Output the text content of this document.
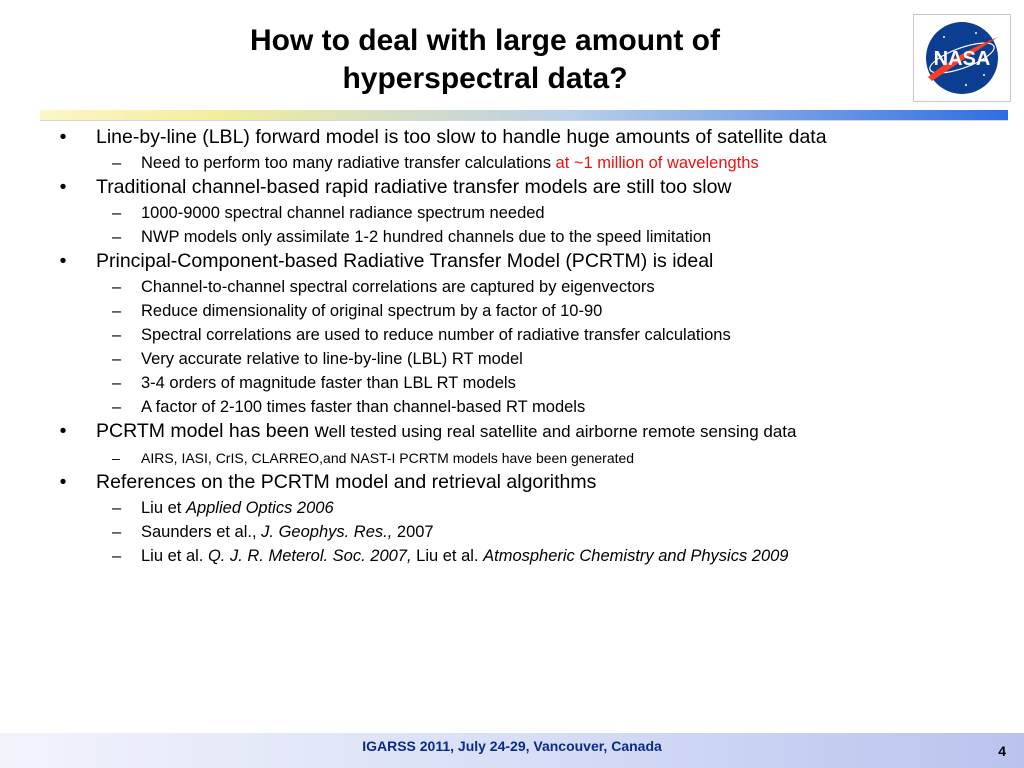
How to deal with large amount of
hyperspectral data?
NASA
• Line-by-line (LBL) forward model is too slow to handle huge amounts of satellite data
– Need to perform too many radiative transfer calculations at ~1 million of wavelengths
• Traditional channel-based rapid radiative transfer models are still too slow
– 1000-9000 spectral channel radiance spectrum needed
– NWP models only assimilate 1-2 hundred channels due to the speed limitation
• Principal-Component-based Radiative Transfer Model (PCRTM) is ideal
– Channel-to-channel spectral correlations are captured by eigenvectors
– Reduce dimensionality of original spectrum by a factor of 10-90
– Spectral correlations are used to reduce number of radiative transfer calculations
– Very accurate relative to line-by-line (LBL) RT model
– 3-4 orders of magnitude faster than LBL RT models
– A factor of 2-100 times faster than channel-based RT models
• PCRTM model has been well tested using real satellite and airborne remote sensing data
– AIRS, IASI, CrIS, CLARREO,and NAST-I PCRTM models have been generated
• References on the PCRTM model and retrieval algorithms
– Liu et Applied Optics 2006
– Saunders et al., J. Geophys. Res., 2007
– Liu et al. Q. J. R. Meterol. Soc. 2007, Liu et al. Atmospheric Chemistry and Physics 2009
IGARSS 2011, July 24-29, Vancouver, Canada	4
